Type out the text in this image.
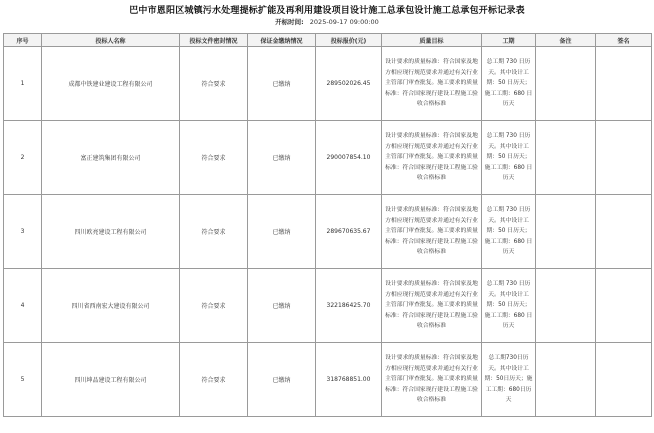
巴中市恩阳区城镇污水处理提标扩能及再利用建设项目设计施工总承包设计施工总承包开标记录表
开标时间: 2025-09-17 09:00:00
序号	投标人名称	投标文件密封情况	保证金缴纳情况	投标报价(元)	质量目标	工期	备注	签名
1	成都中铁建业建设工程有限公司	符合要求	已缴纳	289502026.45	设计要求的质量标准：符合国家及地方相应现行规范要求并通过有关行业主管部门审查批复。施工要求的质量标准：符合国家现行建设工程施工验收合格标准	总工期 730 日历天。其中设计工期：50 日历天；施工工期：680 日历天		
2	富正建筑集团有限公司	符合要求	已缴纳	290007854.10	设计要求的质量标准：符合国家及地方相应现行规范要求并通过有关行业主管部门审查批复。施工要求的质量标准：符合国家现行建设工程施工验收合格标准	总工期 730 日历天。其中设计工期：50 日历天；施工工期：680 日历天		
3	四川欧亮建设工程有限公司	符合要求	已缴纳	289670635.67	设计要求的质量标准：符合国家及地方相应现行规范要求并通过有关行业主管部门审查批复。施工要求的质量标准：符合国家现行建设工程施工验收合格标准	总工期 730 日历天。其中设计工期：50 日历天；施工工期：680 日历天		
4	四川省西南宏大建设有限公司	符合要求	已缴纳	322186425.70	设计要求的质量标准：符合国家及地方相应现行规范要求并通过有关行业主管部门审查批复。施工要求的质量标准：符合国家现行建设工程施工验收合格标准	总工期 730 日历天。其中设计工期：50 日历天；施工工期：680 日历天		
5	四川坤品建设工程有限公司	符合要求	已缴纳	318768851.00	设计要求的质量标准：符合国家及地方相应现行规范要求并通过有关行业主管部门审查批复。施工要求的质量标准：符合国家现行建设工程施工验收合格标准	总工期730日历天。其中设计工期：50日历天；施工工期：680日历天		
